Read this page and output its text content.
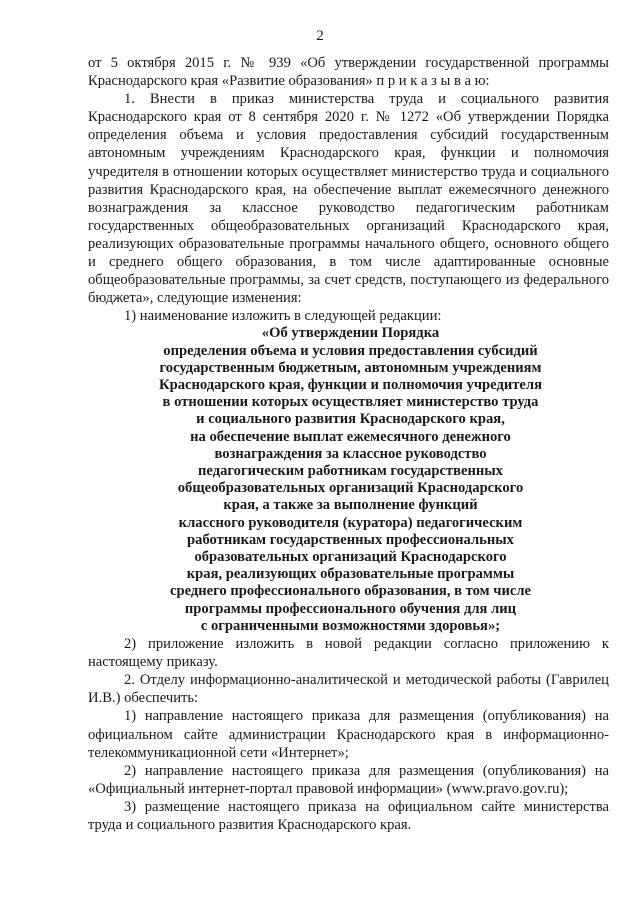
2

от 5 октября 2015 г. № 939 «Об утверждении государственной программы Краснодарского края «Развитие образования» п р и к а з ы в а ю:

1. Внести в приказ министерства труда и социального развития Краснодарского края от 8 сентября 2020 г. № 1272 «Об утверждении Порядка определения объема и условия предоставления субсидий государственным автономным учреждениям Краснодарского края, функции и полномочия учредителя в отношении которых осуществляет министерство труда и социального развития Краснодарского края, на обеспечение выплат ежемесячного денежного вознаграждения за классное руководство педагогическим работникам государственных общеобразовательных организаций Краснодарского края, реализующих образовательные программы начального общего, основного общего и среднего общего образования, в том числе адаптированные основные общеобразовательные программы, за счет средств, поступающего из федерального бюджета», следующие изменения:

1) наименование изложить в следующей редакции:

«Об утверждении Порядка
определения объема и условия предоставления субсидий
государственным бюджетным, автономным учреждениям
Краснодарского края, функции и полномочия учредителя
в отношении которых осуществляет министерство труда
и социального развития Краснодарского края,
на обеспечение выплат ежемесячного денежного
вознаграждения за классное руководство
педагогическим работникам государственных
общеобразовательных организаций Краснодарского
края, а также за выполнение функций
классного руководителя (куратора) педагогическим
работникам государственных профессиональных
образовательных организаций Краснодарского
края, реализующих образовательные программы
среднего профессионального образования, в том числе
программы профессионального обучения для лиц
с ограниченными возможностями здоровья»;

2) приложение изложить в новой редакции согласно приложению к настоящему приказу.

2. Отделу информационно-аналитической и методической работы (Гаврилец И.В.) обеспечить:

1) направление настоящего приказа для размещения (опубликования) на официальном сайте администрации Краснодарского края в информационно-телекоммуникационной сети «Интернет»;

2) направление настоящего приказа для размещения (опубликования) на «Официальный интернет-портал правовой информации» (www.pravo.gov.ru);

3) размещение настоящего приказа на официальном сайте министерства труда и социального развития Краснодарского края.
